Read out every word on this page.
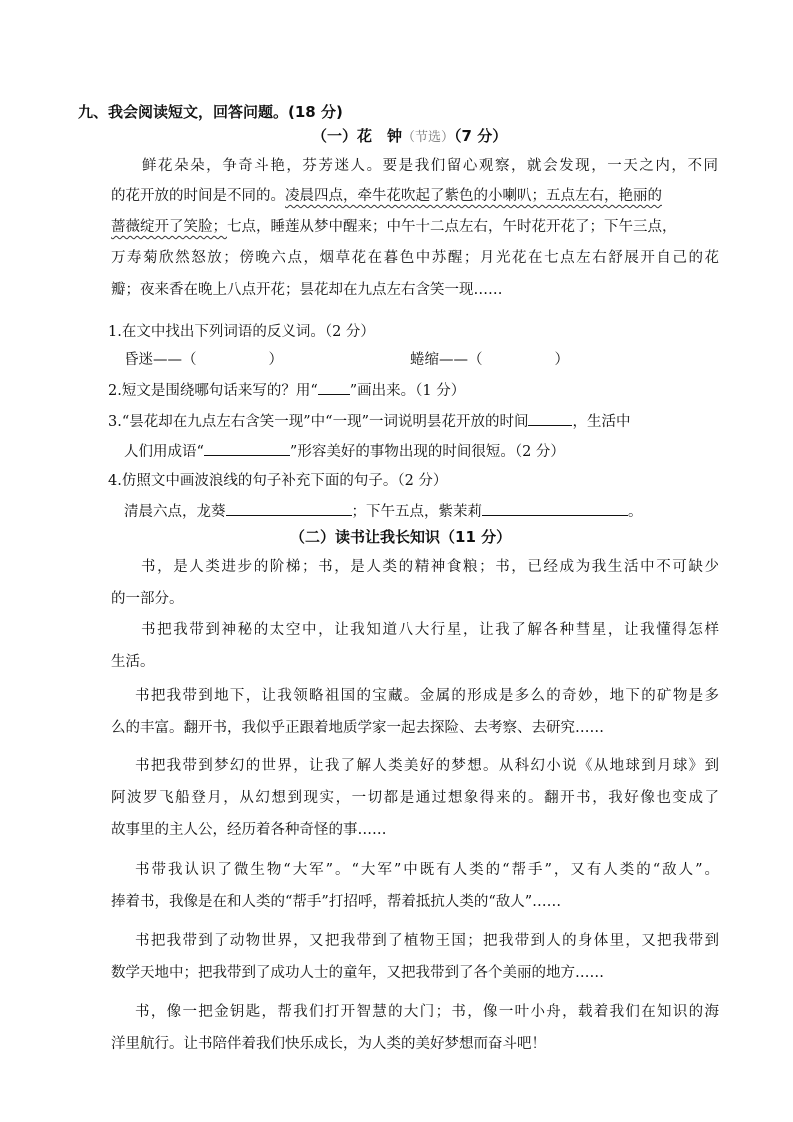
九、我会阅读短文，回答问题。(18 分)
（一）花　钟（节选）（7 分）
鲜花朵朵，争奇斗艳，芬芳迷人。要是我们留心观察，就会发现，一天之内，不同
的花开放的时间是不同的。凌晨四点，牵牛花吹起了紫色的小喇叭；五点左右，艳丽的
蔷薇绽开了笑脸；七点，睡莲从梦中醒来；中午十二点左右，午时花开花了；下午三点，
万寿菊欣然怒放；傍晚六点，烟草花在暮色中苏醒；月光花在七点左右舒展开自己的花
瓣；夜来香在晚上八点开花；昙花却在九点左右含笑一现……
1.在文中找出下列词语的反义词。（2 分）
昏迷——（	）	蜷缩——（	）
2.短文是围绕哪句话来写的？用“ ”画出来。（1 分）
3.“昙花却在九点左右含笑一现”中“一现”一词说明昙花开放的时间	，生活中
人们用成语“	”形容美好的事物出现的时间很短。（2 分）
4.仿照文中画波浪线的句子补充下面的句子。（2 分）
清晨六点，龙葵	；下午五点，紫茉莉	。
（二）读书让我长知识（11 分）
书，是人类进步的阶梯；书，是人类的精神食粮；书，已经成为我生活中不可缺少
的一部分。
书把我带到神秘的太空中，让我知道八大行星，让我了解各种彗星，让我懂得怎样
生活。
书把我带到地下，让我领略祖国的宝藏。金属的形成是多么的奇妙，地下的矿物是多
么的丰富。翻开书，我似乎正跟着地质学家一起去探险、去考察、去研究……
书把我带到梦幻的世界，让我了解人类美好的梦想。从科幻小说《从地球到月球》到
阿波罗飞船登月，从幻想到现实，一切都是通过想象得来的。翻开书，我好像也变成了
故事里的主人公，经历着各种奇怪的事……
书带我认识了微生物“大军”。“大军”中既有人类的“帮手”，又有人类的“敌人”。
捧着书，我像是在和人类的“帮手”打招呼，帮着抵抗人类的“敌人”……
书把我带到了动物世界，又把我带到了植物王国；把我带到人的身体里，又把我带到
数学天地中；把我带到了成功人士的童年，又把我带到了各个美丽的地方……
书，像一把金钥匙，帮我们打开智慧的大门；书，像一叶小舟，载着我们在知识的海
洋里航行。让书陪伴着我们快乐成长，为人类的美好梦想而奋斗吧！
